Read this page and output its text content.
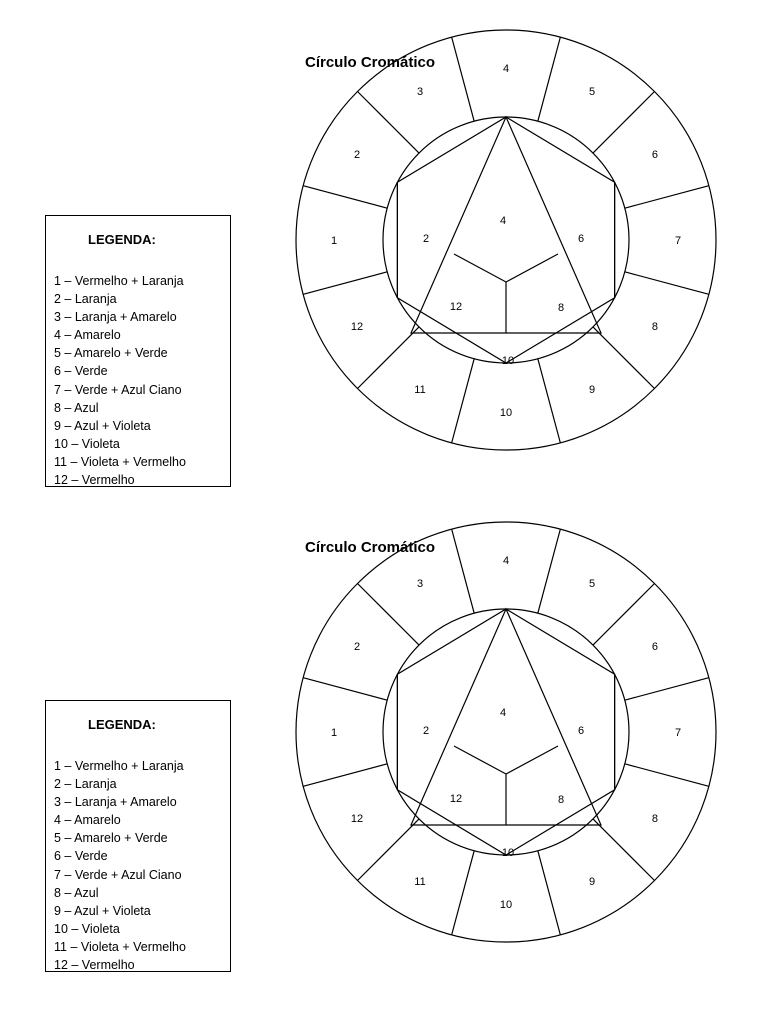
Círculo Cromático
LEGENDA:
1 – Vermelho + Laranja
2 – Laranja
3 – Laranja + Amarelo
4 – Amarelo
5 – Amarelo + Verde
6 – Verde
7 – Verde + Azul Ciano
8 – Azul
9 – Azul + Violeta
10 – Violeta
11 – Violeta + Vermelho
12 – Vermelho
1
2
3
4
5
6
7
8
9
10
11
12
4
6
8
10
12
2
Círculo Cromático
LEGENDA:
1 – Vermelho + Laranja
2 – Laranja
3 – Laranja + Amarelo
4 – Amarelo
5 – Amarelo + Verde
6 – Verde
7 – Verde + Azul Ciano
8 – Azul
9 – Azul + Violeta
10 – Violeta
11 – Violeta + Vermelho
12 – Vermelho
1
2
3
4
5
6
7
8
9
10
11
12
4
6
8
10
12
2
